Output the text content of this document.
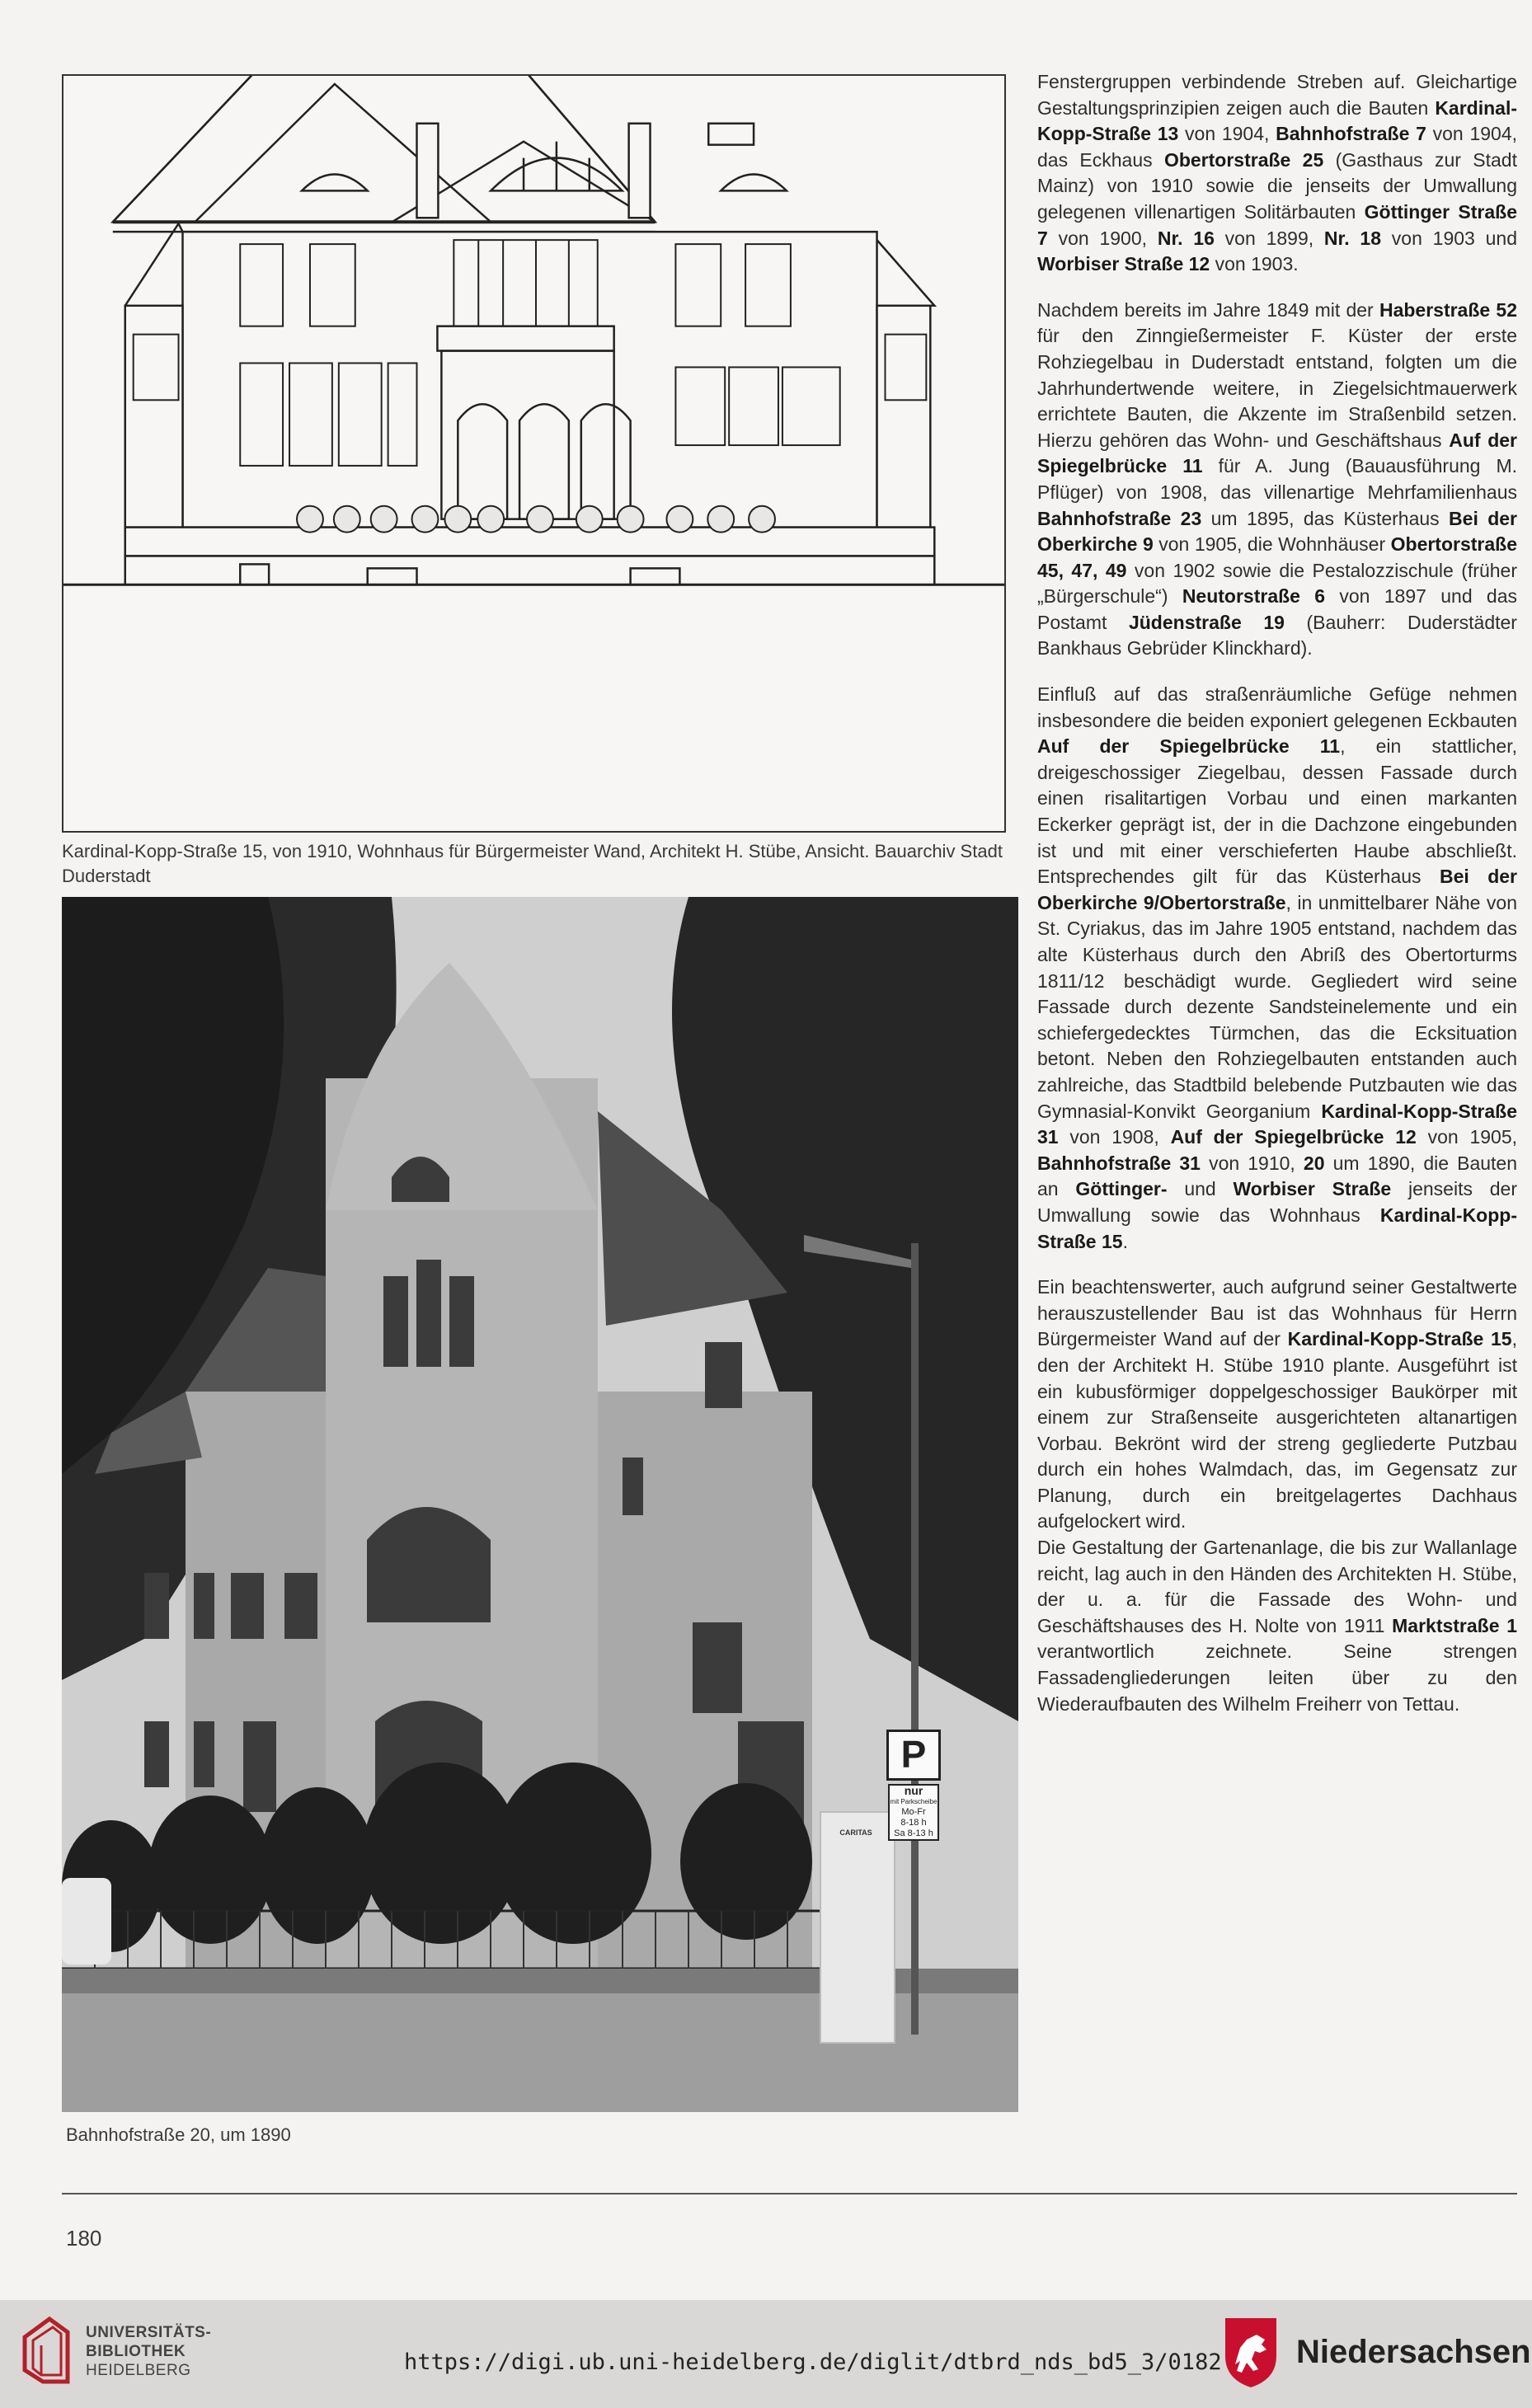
Kardinal-Kopp-Straße 15, von 1910, Wohnhaus für Bürgermeister Wand, Architekt H. Stübe, Ansicht. Bauarchiv Stadt Duderstadt
P
nur
mit Parkscheibe
Mo-Fr
8-18 h
Sa 8-13 h
CARITAS
Bahnhofstraße 20, um 1890

Fenstergruppen verbindende Streben auf. Gleichartige Gestaltungsprinzipien zeigen auch die Bauten Kardinal-Kopp-Straße 13 von 1904, Bahnhofstraße 7 von 1904, das Eckhaus Obertorstraße 25 (Gasthaus zur Stadt Mainz) von 1910 sowie die jenseits der Umwallung gelegenen villenartigen Solitärbauten Göttinger Straße 7 von 1900, Nr. 16 von 1899, Nr. 18 von 1903 und Worbiser Straße 12 von 1903.

Nachdem bereits im Jahre 1849 mit der Haberstraße 52 für den Zinngießermeister F. Küster der erste Rohziegelbau in Duderstadt entstand, folgten um die Jahrhundertwende weitere, in Ziegelsichtmauerwerk errichtete Bauten, die Akzente im Straßenbild setzen. Hierzu gehören das Wohn- und Geschäftshaus Auf der Spiegelbrücke 11 für A. Jung (Bauausführung M. Pflüger) von 1908, das villenartige Mehrfamilienhaus Bahnhofstraße 23 um 1895, das Küsterhaus Bei der Oberkirche 9 von 1905, die Wohnhäuser Obertorstraße 45, 47, 49 von 1902 sowie die Pestalozzischule (früher „Bürgerschule“) Neutorstraße 6 von 1897 und das Postamt Jüdenstraße 19 (Bauherr: Duderstädter Bankhaus Gebrüder Klinckhard).

Einfluß auf das straßenräumliche Gefüge nehmen insbesondere die beiden exponiert gelegenen Eckbauten Auf der Spiegelbrücke 11, ein stattlicher, dreigeschossiger Ziegelbau, dessen Fassade durch einen risalitartigen Vorbau und einen markanten Eckerker geprägt ist, der in die Dachzone eingebunden ist und mit einer verschieferten Haube abschließt. Entsprechendes gilt für das Küsterhaus Bei der Oberkirche 9/Obertorstraße, in unmittelbarer Nähe von St. Cyriakus, das im Jahre 1905 entstand, nachdem das alte Küsterhaus durch den Abriß des Obertorturms 1811/12 beschädigt wurde. Gegliedert wird seine Fassade durch dezente Sandsteinelemente und ein schiefergedecktes Türmchen, das die Ecksituation betont. Neben den Rohziegelbauten entstanden auch zahlreiche, das Stadtbild belebende Putzbauten wie das Gymnasial-Konvikt Georganium Kardinal-Kopp-Straße 31 von 1908, Auf der Spiegelbrücke 12 von 1905, Bahnhofstraße 31 von 1910, 20 um 1890, die Bauten an Göttinger- und Worbiser Straße jenseits der Umwallung sowie das Wohnhaus Kardinal-Kopp-Straße 15.

Ein beachtenswerter, auch aufgrund seiner Gestaltwerte herauszustellender Bau ist das Wohnhaus für Herrn Bürgermeister Wand auf der Kardinal-Kopp-Straße 15, den der Architekt H. Stübe 1910 plante. Ausgeführt ist ein kubusförmiger doppelgeschossiger Baukörper mit einem zur Straßenseite ausgerichteten altanartigen Vorbau. Bekrönt wird der streng gegliederte Putzbau durch ein hohes Walmdach, das, im Gegensatz zur Planung, durch ein breitgelagertes Dachhaus aufgelockert wird.
Die Gestaltung der Gartenanlage, die bis zur Wallanlage reicht, lag auch in den Händen des Architekten H. Stübe, der u. a. für die Fassade des Wohn- und Geschäftshauses des H. Nolte von 1911 Marktstraße 1 verantwortlich zeichnete. Seine strengen Fassadengliederungen leiten über zu den Wiederaufbauten des Wilhelm Freiherr von Tettau.

180
UNIVERSITÄTS-
BIBLIOTHEK
HEIDELBERG	https://digi.ub.uni-heidelberg.de/diglit/dtbrd_nds_bd5_3/0182 Niedersachsen
